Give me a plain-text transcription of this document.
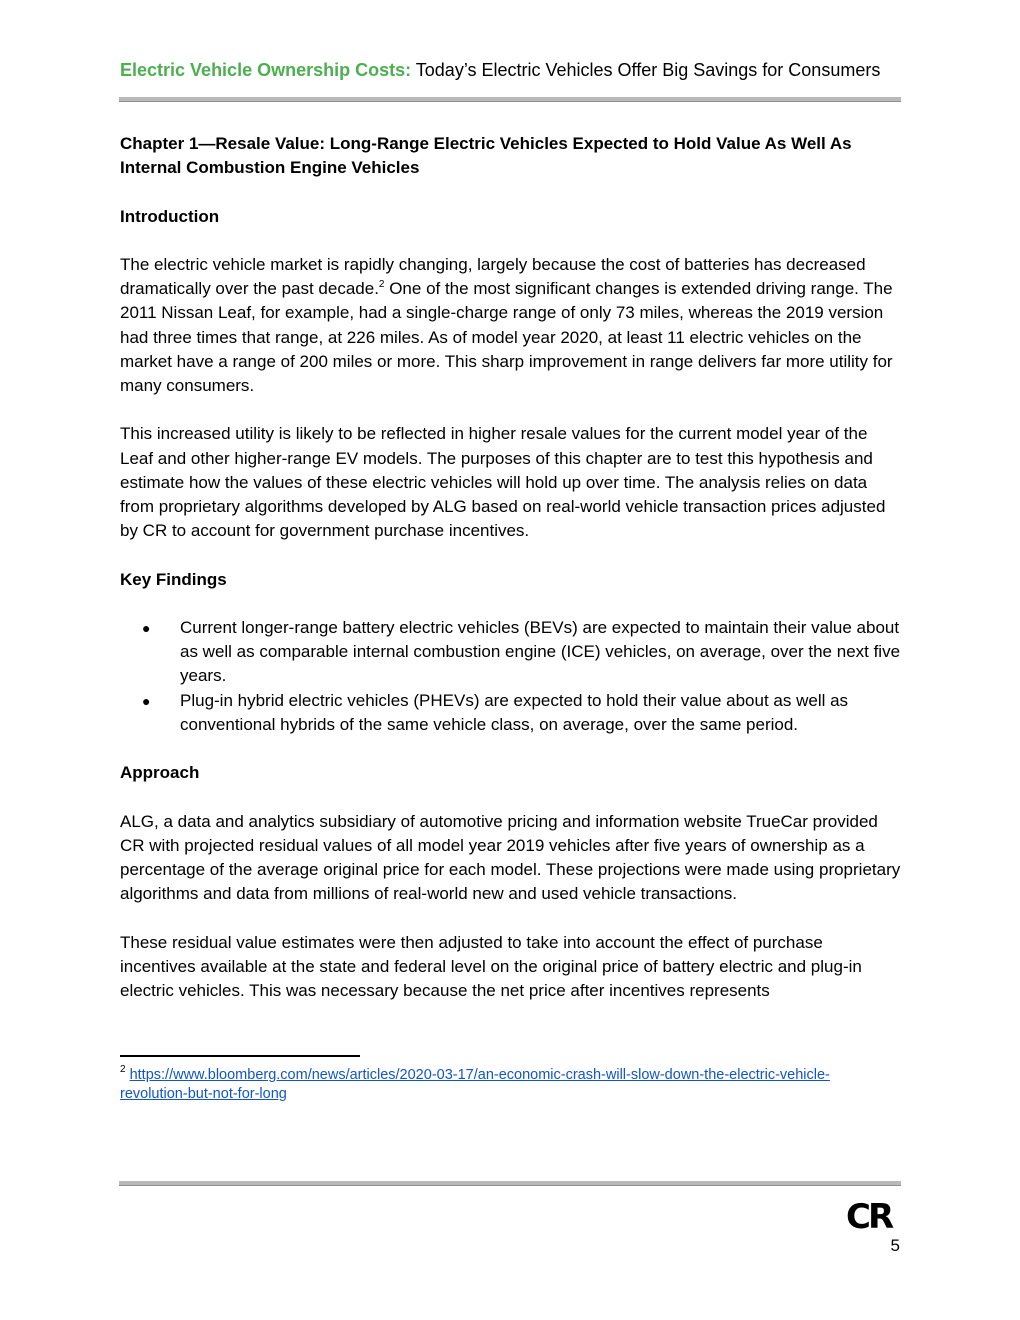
Electric Vehicle Ownership Costs: Today’s Electric Vehicles Offer Big Savings for Consumers
Chapter 1—Resale Value: Long-Range Electric Vehicles Expected to Hold Value As Well As Internal Combustion Engine Vehicles
Introduction

The electric vehicle market is rapidly changing, largely because the cost of batteries has decreased dramatically over the past decade.$^2$ One of the most significant changes is extended driving range. The 2011 Nissan Leaf, for example, had a single-charge range of only 73 miles, whereas the 2019 version had three times that range, at 226 miles. As of model year 2020, at least 11 electric vehicles on the market have a range of 200 miles or more. This sharp improvement in range delivers far more utility for many consumers.

This increased utility is likely to be reflected in higher resale values for the current model year of the Leaf and other higher-range EV models. The purposes of this chapter are to test this hypothesis and estimate how the values of these electric vehicles will hold up over time. The analysis relies on data from proprietary algorithms developed by ALG based on real-world vehicle transaction prices adjusted by CR to account for government purchase incentives.

Key Findings
● Current longer-range battery electric vehicles (BEVs) are expected to maintain their value about as well as comparable internal combustion engine (ICE) vehicles, on average, over the next five years.
● Plug-in hybrid electric vehicles (PHEVs) are expected to hold their value about as well as conventional hybrids of the same vehicle class, on average, over the same period.
Approach

ALG, a data and analytics subsidiary of automotive pricing and information website TrueCar provided CR with projected residual values of all model year 2019 vehicles after five years of ownership as a percentage of the average original price for each model. These projections were made using proprietary algorithms and data from millions of real-world new and used vehicle transactions.

These residual value estimates were then adjusted to take into account the effect of purchase incentives available at the state and federal level on the original price of battery electric and plug-in electric vehicles. This was necessary because the net price after incentives represents

$^2$ https://www.bloomberg.com/news/articles/2020-03-17/an-economic-crash-will-slow-down-the-electric-vehicle-revolution-but-not-for-long
CR
5
